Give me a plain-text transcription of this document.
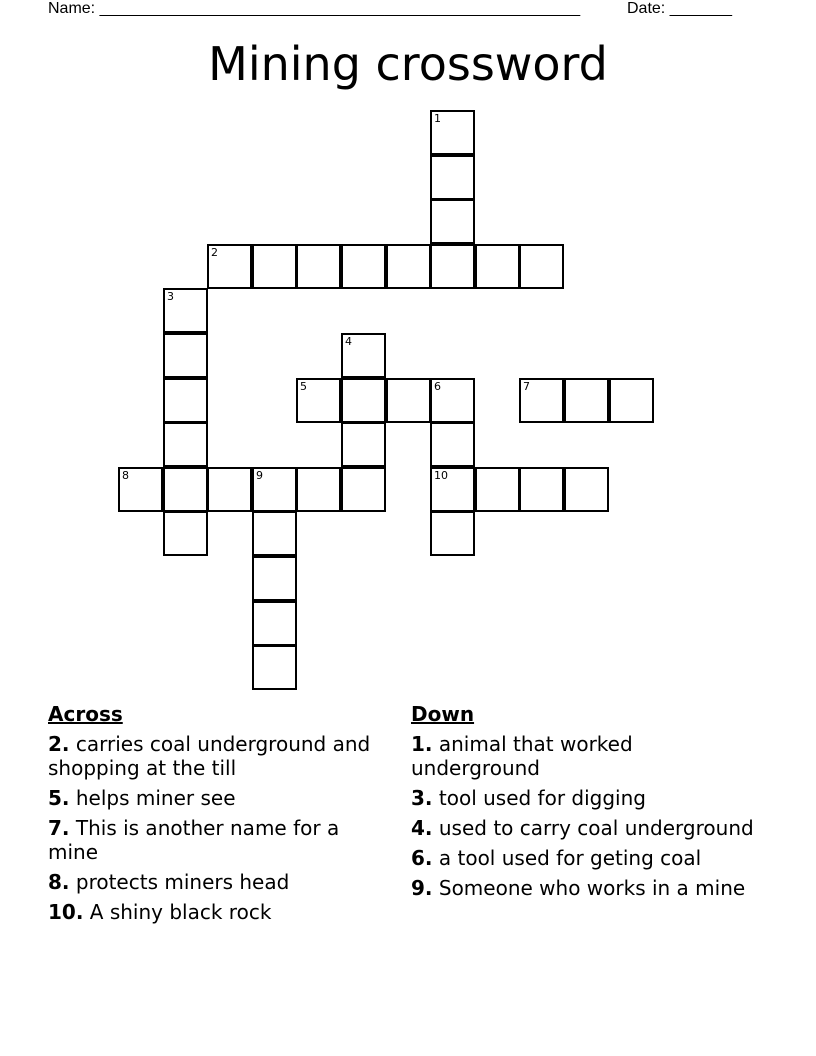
Name: ______________________________________________________	Date: _______
Mining crossword
1
2
3
4
5	6
10
7
8	9
Across
2. carries coal underground and shopping at the till
5. helps miner see
7. This is another name for a mine
8. protects miners head
10. A shiny black rock
Down
1. animal that worked underground
3. tool used for digging
4. used to carry coal underground
6. a tool used for geting coal
9. Someone who works in a mine
